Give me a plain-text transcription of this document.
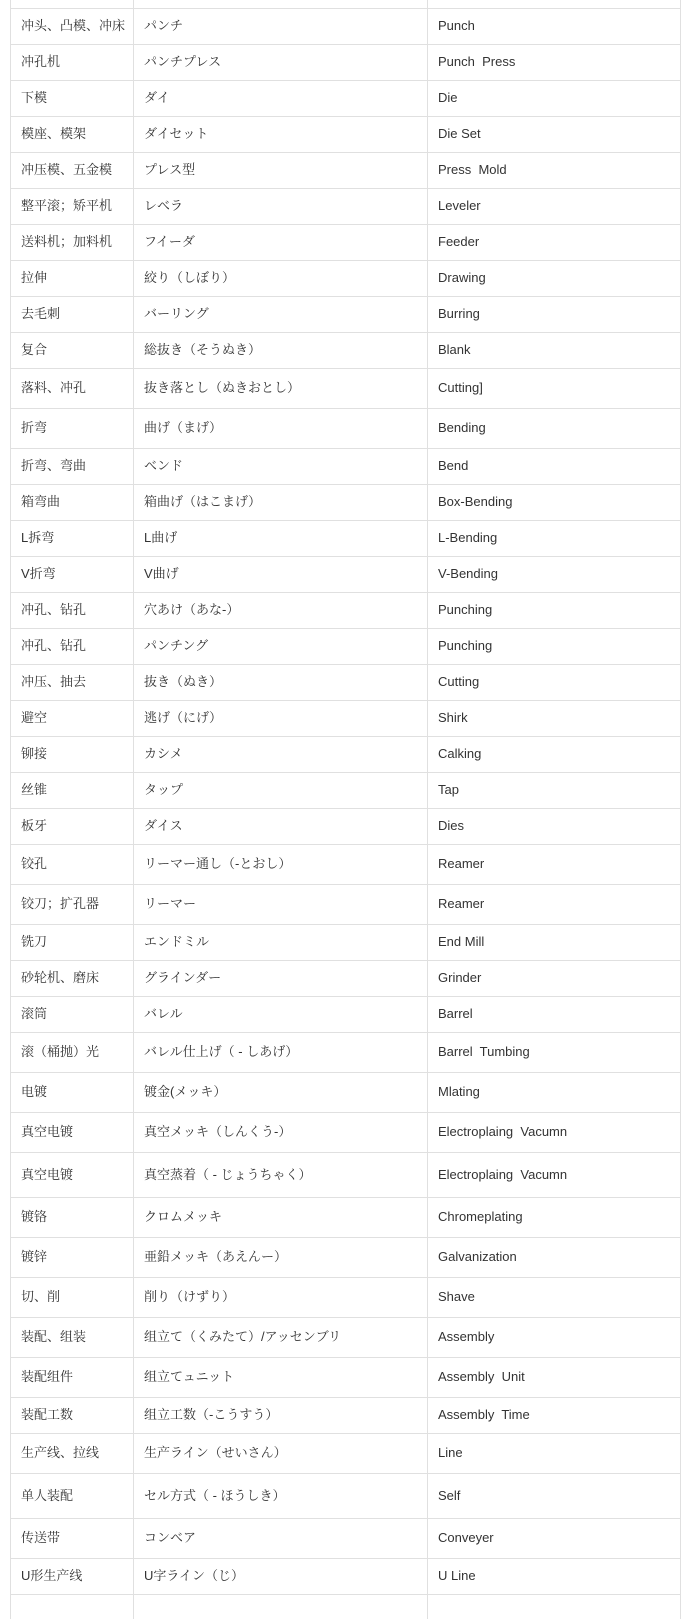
冲头、凸模、冲床	パンチ	Punch
冲孔机	パンチプレス	Punch  Press
下模	ダイ	Die
模座、模架	ダイセット	Die Set
冲压模、五金模	プレス型	Press  Mold
整平滚；矫平机	レベラ	Leveler
送料机；加料机	フイーダ	Feeder
拉伸	絞り（しぼり）	Drawing
去毛刺	バーリング	Burring
复合	総抜き（そうぬき）	Blank
落料、冲孔	抜き落とし（ぬきおとし）	Cutting]
折弯	曲げ（まげ）	Bending
折弯、弯曲	ベンド	Bend
箱弯曲	箱曲げ（はこまげ）	Box-Bending
L拆弯	L曲げ	L-Bending
V折弯	V曲げ	V-Bending
冲孔、钻孔	穴あけ（あな-）	Punching
冲孔、钻孔	パンチング	Punching
冲压、抽去	抜き（ぬき）	Cutting
避空	逃げ（にげ）	Shirk
铆接	カシメ	Calking
丝锥	タップ	Tap
板牙	ダイス	Dies
铰孔	リーマー通し（-とおし）	Reamer
铰刀；扩孔器	リーマー	Reamer
铣刀	エンドミル	End Mill
砂轮机、磨床	グラインダー	Grinder
滚筒	バレル	Barrel
滚（桶抛）光	バレル仕上げ（ - しあげ）	Barrel  Tumbing
电镀	镀金(メッキ）	Mlating
真空电镀	真空メッキ（しんくう-）	Electroplaing  Vacumn
真空电镀	真空蒸着（ - じょうちゃく）	Electroplaing  Vacumn
镀铬	クロムメッキ	Chromeplating
镀锌	亜鉛メッキ（あえんー）	Galvanization
切、削	削り（けずり）	Shave
装配、组装	组立て（くみたて）/アッセンブリ	Assembly
装配组件	组立てュニット	Assembly  Unit
装配工数	组立工数（-こうすう）	Assembly  Time
生产线、拉线	生产ライン（せいさん）	Line
单人装配	セル方式（ - ほうしき）	Self
传送带	コンベア	Conveyer
U形生产线	U字ライン（じ）	U Line
